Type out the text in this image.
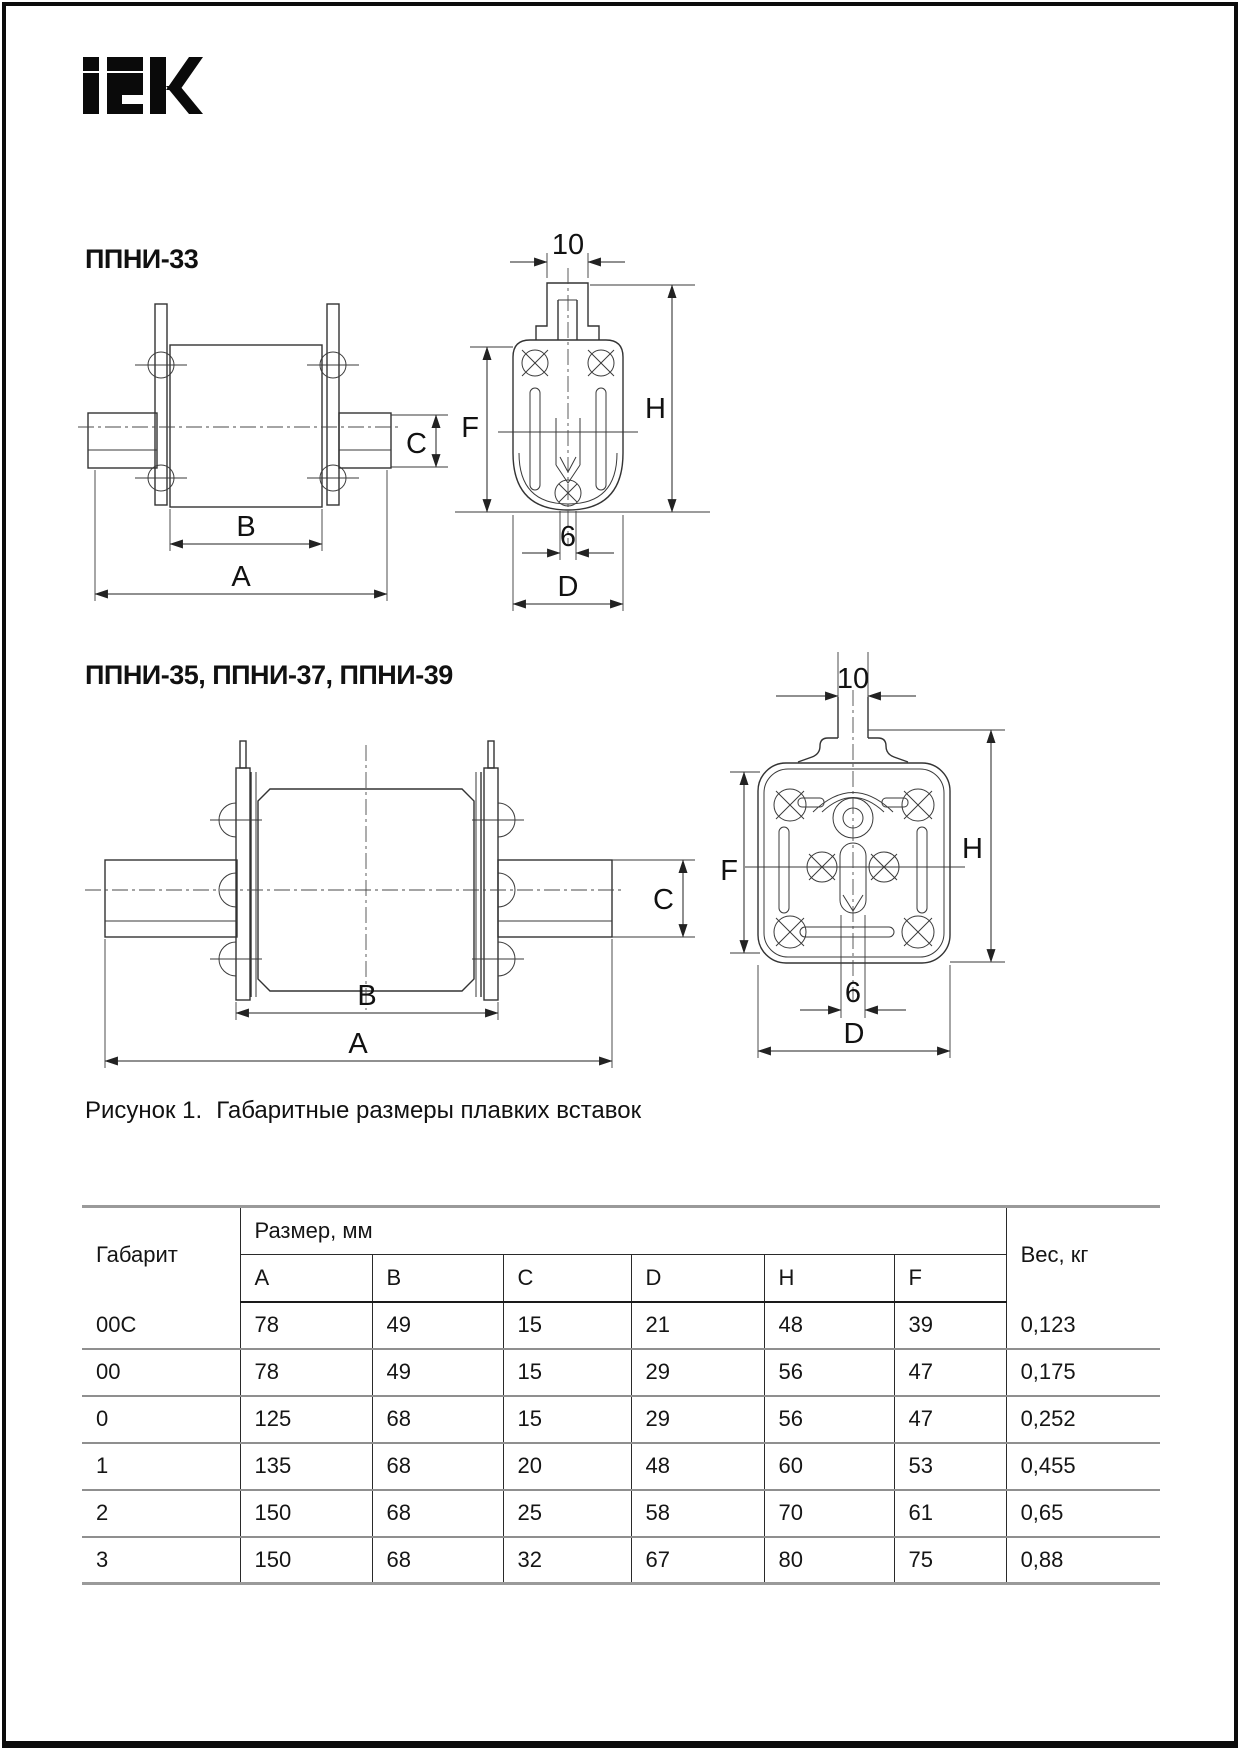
ППНИ-33
C
B
A
10
F
H
6
D
ППНИ-35, ППНИ-37, ППНИ-39
C
B
A
10
H
F
6
D
Рисунок 1. Габаритные размеры плавких вставок
Габарит	Размер, мм						Вес, кг
	A	B	C	D	H	F	
00C	78	49	15	21	48	39	0,123
00	78	49	15	29	56	47	0,175
0	125	68	15	29	56	47	0,252
1	135	68	20	48	60	53	0,455
2	150	68	25	58	70	61	0,65
3	150	68	32	67	80	75	0,88
